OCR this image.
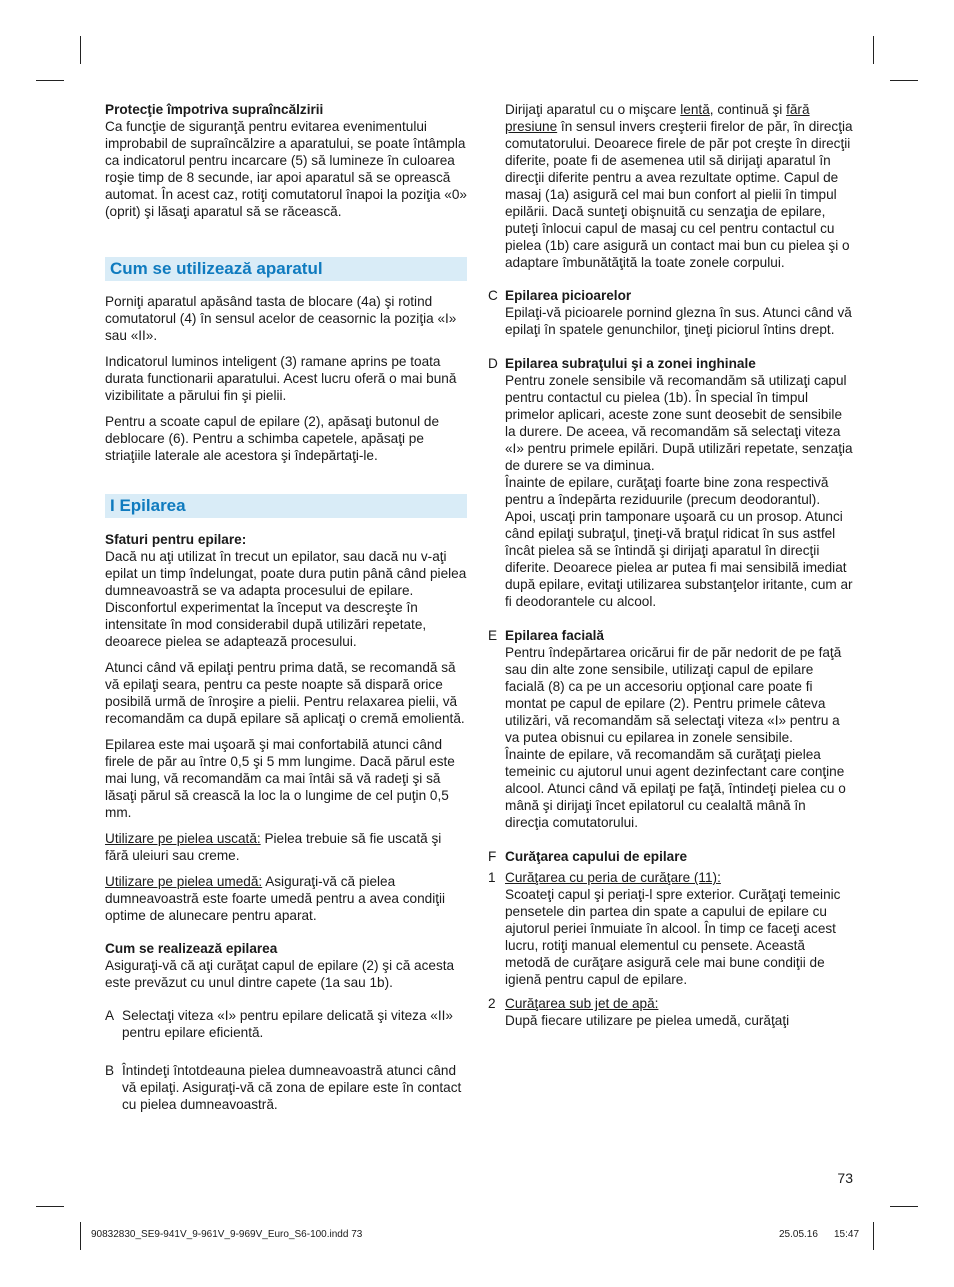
Protecţie împotriva supraîncălzirii

Ca funcţie de siguranţă pentru evitarea evenimentului improbabil de supraîncălzire a aparatului, se poate întâmpla ca indicatorul pentru incarcare (5) să lumineze în culoarea roşie timp de 8 secunde, iar apoi aparatul să se oprească automat. În acest caz, rotiţi comutatorul înapoi la poziţia «0» (oprit) şi lăsaţi aparatul să se răcească.

Cum se utilizează aparatul

Porniţi aparatul apăsând tasta de blocare (4a) şi rotind comutatorul (4) în sensul acelor de ceasornic la poziţia «I» sau «II».

Indicatorul luminos inteligent (3) ramane aprins pe toata durata functionarii aparatului. Acest lucru oferă o mai bună vizibilitate a părului fin şi pielii.

Pentru a scoate capul de epilare (2), apăsaţi butonul de deblocare (6). Pentru a schimba capetele, apăsaţi pe striaţiile laterale ale acestora şi îndepărtaţi-le.

I Epilarea

Sfaturi pentru epilare:

Dacă nu aţi utilizat în trecut un epilator, sau dacă nu v-aţi epilat un timp îndelungat, poate dura putin până când pielea dumneavoastră se va adapta procesului de epilare. Disconfortul experimentat la început va descreşte în intensitate în mod considerabil după utilizări repetate, deoarece pielea se adaptează procesului.

Atunci când vă epilaţi pentru prima dată, se recomandă să vă epilaţi seara, pentru ca peste noapte să dispară orice posibilă urmă de înroşire a pielii. Pentru relaxarea pielii, vă recomandăm ca după epilare să aplicaţi o cremă emolientă.

Epilarea este mai uşoară şi mai confortabilă atunci când firele de păr au între 0,5 şi 5 mm lungime. Dacă părul este mai lung, vă recomandăm ca mai întâi să vă radeţi şi să lăsaţi părul să crească la loc la o lungime de cel puţin 0,5 mm.

Utilizare pe pielea uscată: Pielea trebuie să fie uscată şi fără uleiuri sau creme.

Utilizare pe pielea umedă: Asiguraţi-vă că pielea dumneavoastră este foarte umedă pentru a avea condiţii optime de alunecare pentru aparat.

Cum se realizează epilarea

Asiguraţi-vă că aţi curăţat capul de epilare (2) şi că acesta este prevăzut cu unul dintre capete (1a sau 1b).

A Selectaţi viteza «I» pentru epilare delicată şi viteza «II» pentru epilare eficientă.

B Întindeţi întotdeauna pielea dumneavoastră atunci când vă epilaţi. Asiguraţi-vă că zona de epilare este în contact cu pielea dumneavoastră.

Dirijaţi aparatul cu o mişcare lentă, continuă şi fără presiune în sensul invers creşterii firelor de păr, în direcţia comutatorului. Deoarece firele de păr pot creşte în direcţii diferite, poate fi de asemenea util să dirijaţi aparatul în direcţii diferite pentru a avea rezultate optime. Capul de masaj (1a) asigură cel mai bun confort al pielii în timpul epilării. Dacă sunteţi obişnuită cu senzaţia de epilare, puteţi înlocui capul de masaj cu cel pentru contactul cu pielea (1b) care asigură un contact mai bun cu pielea şi o adaptare îmbunătăţită la toate zonele corpului.

C Epilarea picioarelor

Epilaţi-vă picioarele pornind glezna în sus. Atunci când vă epilaţi în spatele genunchilor, ţineţi piciorul întins drept.

D Epilarea subraţului şi a zonei inghinale

Pentru zonele sensibile vă recomandăm să utilizaţi capul pentru contactul cu pielea (1b). În special în timpul primelor aplicari, aceste zone sunt deosebit de sensibile la durere. De aceea, vă recomandăm să selectaţi viteza «I» pentru primele epilări. După utilizări repetate, senzaţia de durere se va diminua.

Înainte de epilare, curăţaţi foarte bine zona respectivă pentru a îndepărta reziduurile (precum deodorantul). Apoi, uscaţi prin tamponare uşoară cu un prosop. Atunci când epilaţi subraţul, ţineţi-vă braţul ridicat în sus astfel încât pielea să se întindă şi dirijaţi aparatul în direcţii diferite. Deoarece pielea ar putea fi mai sensibilă imediat după epilare, evitaţi utilizarea substanţelor iritante, cum ar fi deodorantele cu alcool.

E Epilarea facială

Pentru îndepărtarea oricărui fir de păr nedorit de pe faţă sau din alte zone sensibile, utilizaţi capul de epilare facială (8) ca pe un accesoriu opţional care poate fi montat pe capul de epilare (2). Pentru primele câteva utilizări, vă recomandăm să selectaţi viteza «I» pentru a va putea obisnui cu epilarea in zonele sensibile.

Înainte de epilare, vă recomandăm să curăţaţi pielea temeinic cu ajutorul unui agent dezinfectant care conţine alcool. Atunci când vă epilaţi pe faţă, întindeţi pielea cu o mână şi dirijaţi încet epilatorul cu cealaltă mână în direcţia comutatorului.

F Curăţarea capului de epilare

1 Curăţarea cu peria de curăţare (11):

Scoateţi capul şi periaţi-l spre exterior. Curăţaţi temeinic pensetele din partea din spate a capului de epilare cu ajutorul periei înmuiate în alcool. În timp ce faceţi acest lucru, rotiţi manual elementul cu pensete. Această metodă de curăţare asigură cele mai bune condiţii de igienă pentru capul de epilare.

2 Curăţarea sub jet de apă:

După fiecare utilizare pe pielea umedă, curăţaţi

73
90832830_SE9-941V_9-961V_9-969V_Euro_S6-100.indd 73	25.05.16 15:47
